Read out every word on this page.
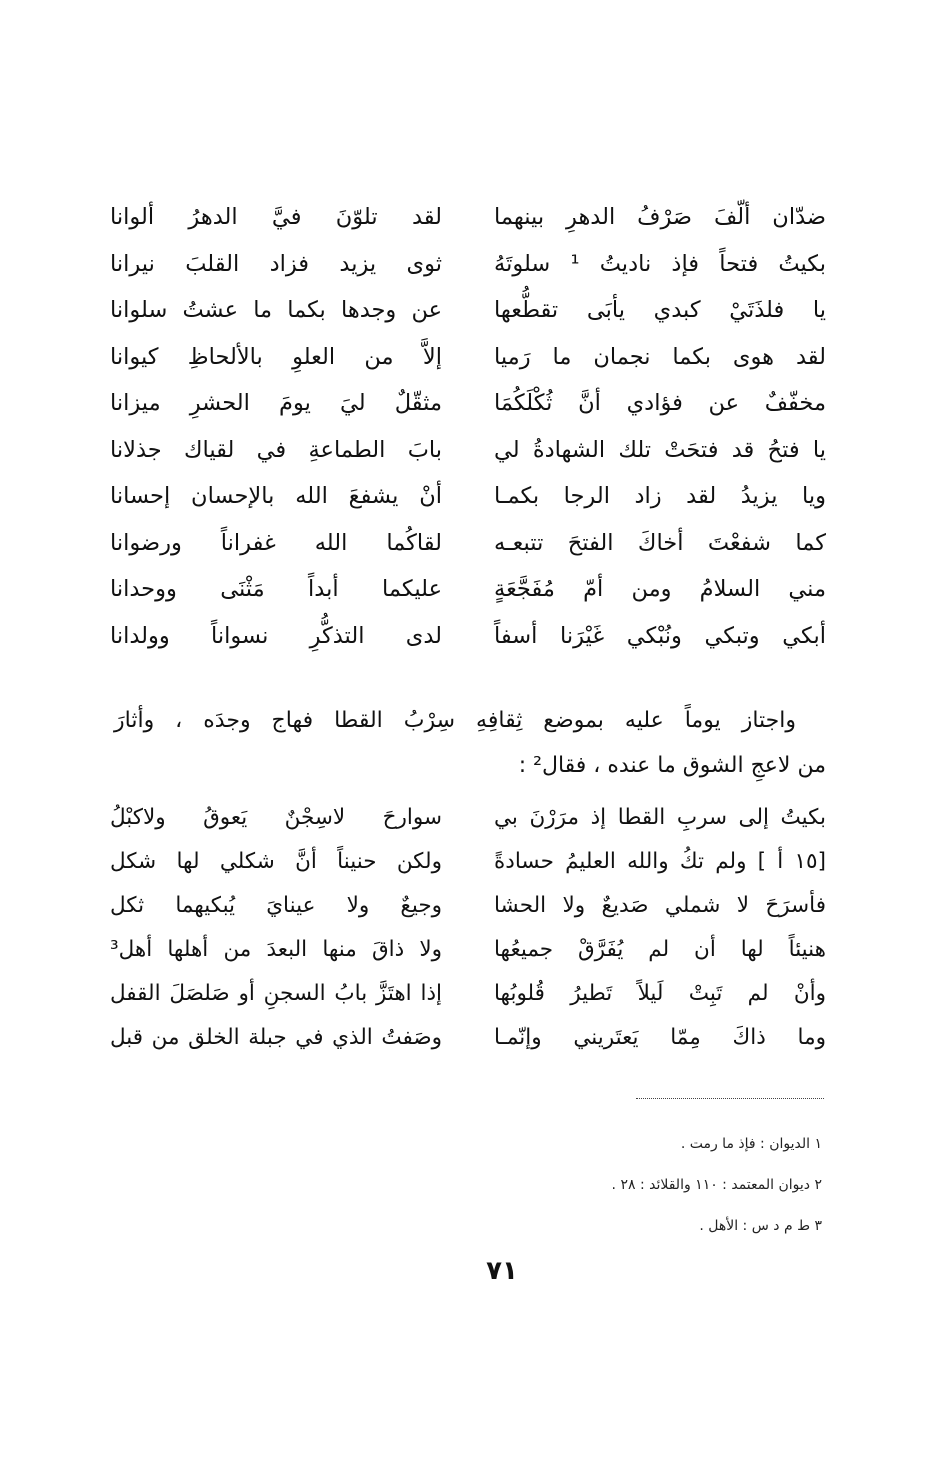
ضدّان ألّفَ صَرْفُ الدهرِ بينهما
لقد تلوّنَ فيَّ الدهرُ ألوانا
بكيتُ فتحاً فإذ ناديتُ ¹ سلوتَهُ
ثوى يزيد فزاد القلبَ نيرانا
يا فلذَتَيْ كبدي يأبَى تقطُّعها
عن وجدها بكما ما عشتُ سلوانا
لقد هوى بكما نجمان ما رَميا
إلاَّ من العلوِ بالألحاظِ كيوانا
مخفّفٌ عن فؤادي أنَّ ثُكْلَكُمَا
مثقّلٌ ليَ يومَ الحشرِ ميزانا
يا فتحُ قد فتحَتْ تلك الشهادةُ لي
بابَ الطماعةِ في لقياك جذلانا
ويا يزيدُ لقد زاد الرجا بكمـا
أنْ يشفعَ الله بالإحسان إحسانا
كما شفعْتَ أخاكَ الفتحَ تتبعـه
لقاكُما الله غفراناً ورضوانا
مني السلامُ ومن أمّ مُفَجَّعَةٍ
عليكما أبداً مَثْنَى ووحدانا
أبكي وتبكي ونُبْكي غَيْرَنا أسفاً
لدى التذكُّرِ نسواناً وولدانا
واجتاز يوماً عليه بموضع ثِقافِهِ سِرْبُ القطا فهاج وجدَه ، وأثارَ
من لاعجِ الشوق ما عنده ، فقال² :
بكيتُ إلى سربِ القطا إذ مرَرْنَ بي
سوارحَ لاسِجْنٌ يَعوقُ ولاكبْلُ
[١٥ أ ] ولم تكُ والله العليمُ حسادةً
ولكن حنيناً أنَّ شكلي لها شكل
فأسرَحَ لا شملي صَديعٌ ولا الحشا
وجيعٌ ولا عينايَ يُبكيهما ثكل
هنيئاً لها أن لم يُفَرَّقْ جميعُها
ولا ذاقَ منها البعدَ من أهلها أهل³
وأنْ لم تَبِتْ لَيلاً تَطيرُ قُلوبُها
إذا اهتَزَّ بابُ السجنِ أو صَلصَلَ القفل
وما ذاكَ مِمّا يَعتَريني وإنّمـا
وصَفتُ الذي في جبلة الخلق من قبل
١ الديوان : فإذ ما رمت .
٢ ديوان المعتمد : ١١٠ والقلائد : ٢٨ .
٣ ط م د س : الأهل .
٧١
